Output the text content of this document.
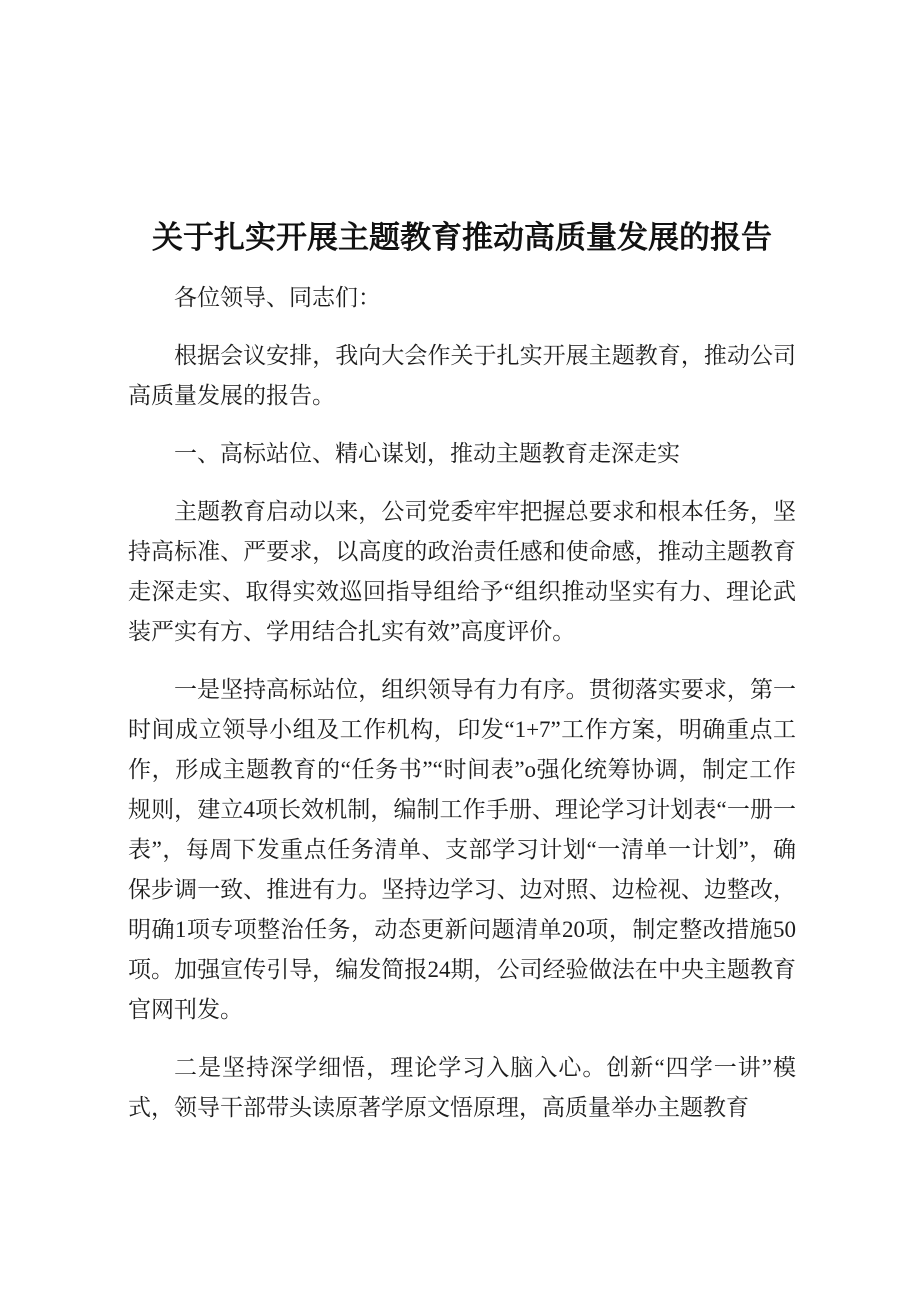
关于扎实开展主题教育推动高质量发展的报告

各位领导、同志们：

根据会议安排，我向大会作关于扎实开展主题教育，推动公司高质量发展的报告。

一、高标站位、精心谋划，推动主题教育走深走实

主题教育启动以来，公司党委牢牢把握总要求和根本任务，坚持高标准、严要求，以高度的政治责任感和使命感，推动主题教育走深走实、取得实效巡回指导组给予“组织推动坚实有力、理论武装严实有方、学用结合扎实有效”高度评价。

一是坚持高标站位，组织领导有力有序。贯彻落实要求，第一时间成立领导小组及工作机构，印发“1+7”工作方案，明确重点工作，形成主题教育的“任务书”“时间表”o强化统筹协调，制定工作规则，建立4项长效机制，编制工作手册、理论学习计划表“一册一表”，每周下发重点任务清单、支部学习计划“一清单一计划”，确保步调一致、推进有力。坚持边学习、边对照、边检视、边整改，明确1项专项整治任务，动态更新问题清单20项，制定整改措施50项。加强宣传引导，编发简报24期，公司经验做法在中央主题教育官网刊发。

二是坚持深学细悟，理论学习入脑入心。创新“四学一讲”模式，领导干部带头读原著学原文悟原理，高质量举办主题教育
